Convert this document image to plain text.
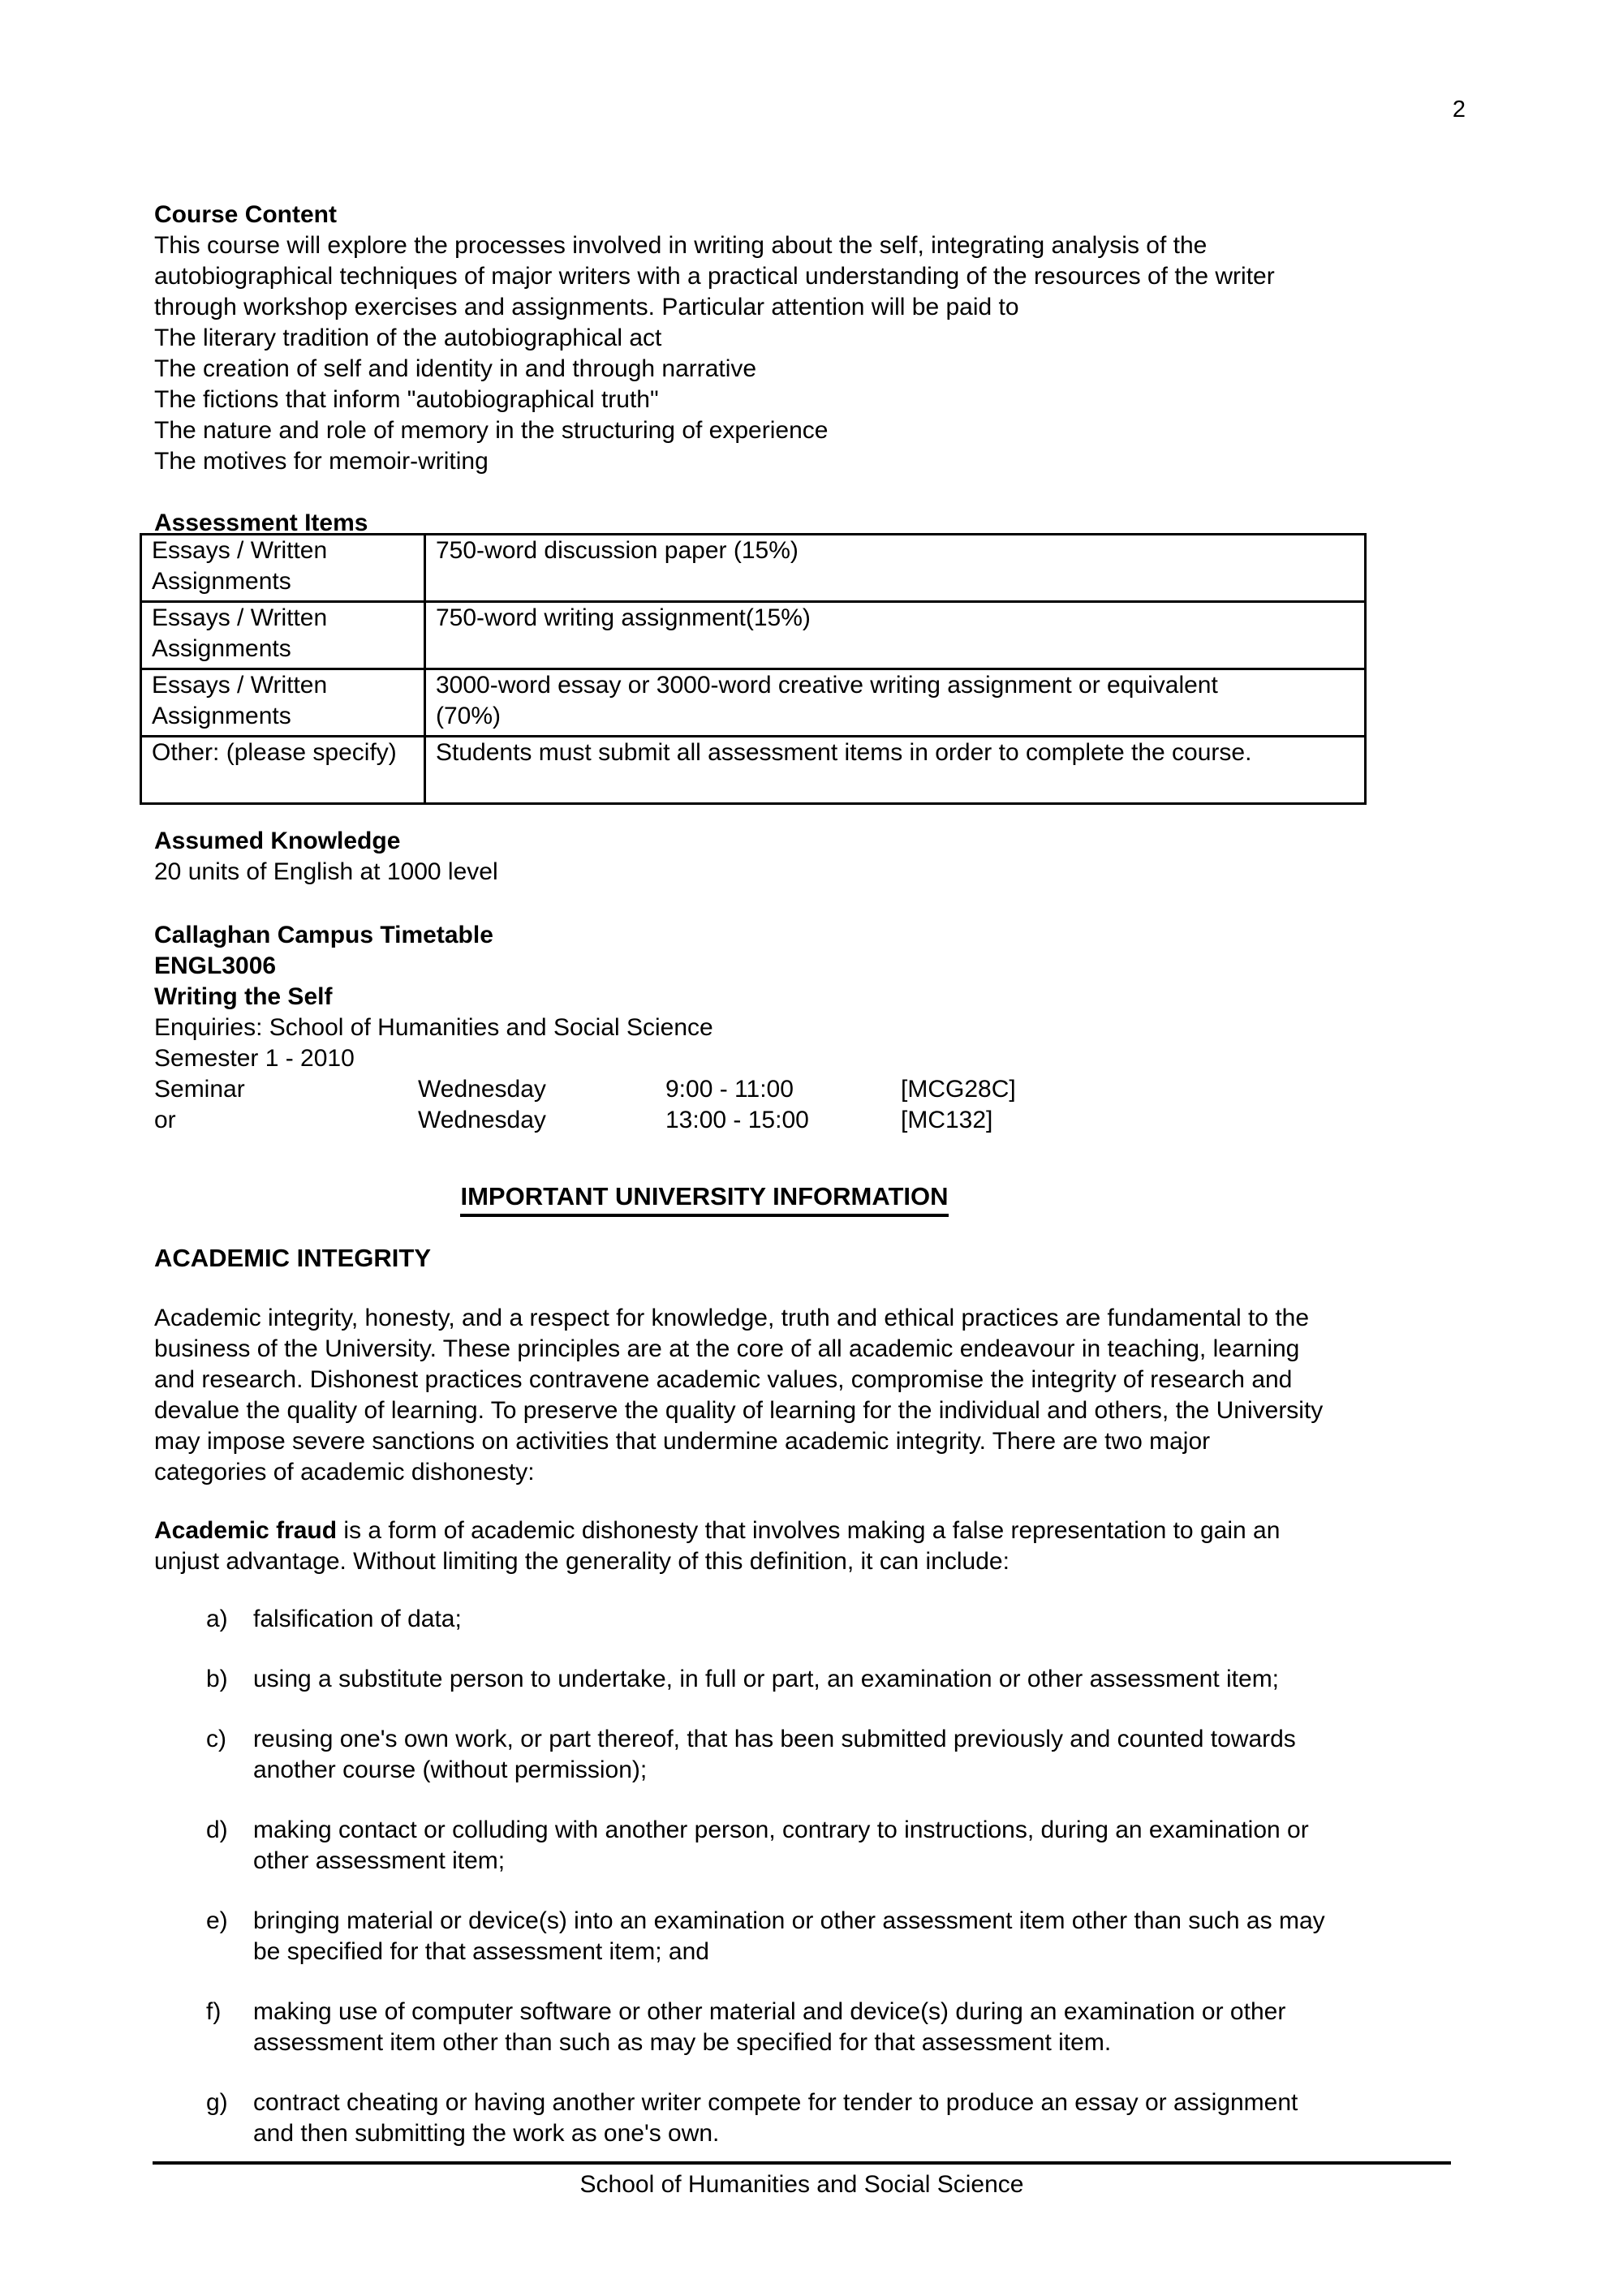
2
Course Content
This course will explore the processes involved in writing about the self, integrating analysis of the
autobiographical techniques of major writers with a practical understanding of the resources of the writer
through workshop exercises and assignments. Particular attention will be paid to
The literary tradition of the autobiographical act
The creation of self and identity in and through narrative
The fictions that inform "autobiographical truth"
The nature and role of memory in the structuring of experience
The motives for memoir-writing
Assessment Items
Essays / Written Assignments	750-word discussion paper (15%)

Essays / Written Assignments	750-word writing assignment(15%)

Essays / Written Assignments	3000-word essay or 3000-word creative writing assignment or equivalent
(70%)

Other: (please specify)	Students must submit all assessment items in order to complete the course.
Assumed Knowledge
20 units of English at 1000 level
Callaghan Campus Timetable
ENGL3006
Writing the Self
Enquiries: School of Humanities and Social Science
Semester 1 - 2010
Seminar	Wednesday	9:00 - 11:00	[MCG28C]
or	Wednesday	13:00 - 15:00	[MC132]
IMPORTANT UNIVERSITY INFORMATION
ACADEMIC INTEGRITY
Academic integrity, honesty, and a respect for knowledge, truth and ethical practices are fundamental to the
business of the University. These principles are at the core of all academic endeavour in teaching, learning
and research. Dishonest practices contravene academic values, compromise the integrity of research and
devalue the quality of learning. To preserve the quality of learning for the individual and others, the University
may impose severe sanctions on activities that undermine academic integrity. There are two major
categories of academic dishonesty:
Academic fraud is a form of academic dishonesty that involves making a false representation to gain an
unjust advantage. Without limiting the generality of this definition, it can include:
a)	falsification of data;
b)	using a substitute person to undertake, in full or part, an examination or other assessment item;
c)	reusing one's own work, or part thereof, that has been submitted previously and counted towards
another course (without permission);
d)	making contact or colluding with another person, contrary to instructions, during an examination or
other assessment item;
e)	bringing material or device(s) into an examination or other assessment item other than such as may
be specified for that assessment item; and
f)	making use of computer software or other material and device(s) during an examination or other
assessment item other than such as may be specified for that assessment item.
g)	contract cheating or having another writer compete for tender to produce an essay or assignment
and then submitting the work as one's own.
School of Humanities and Social Science
